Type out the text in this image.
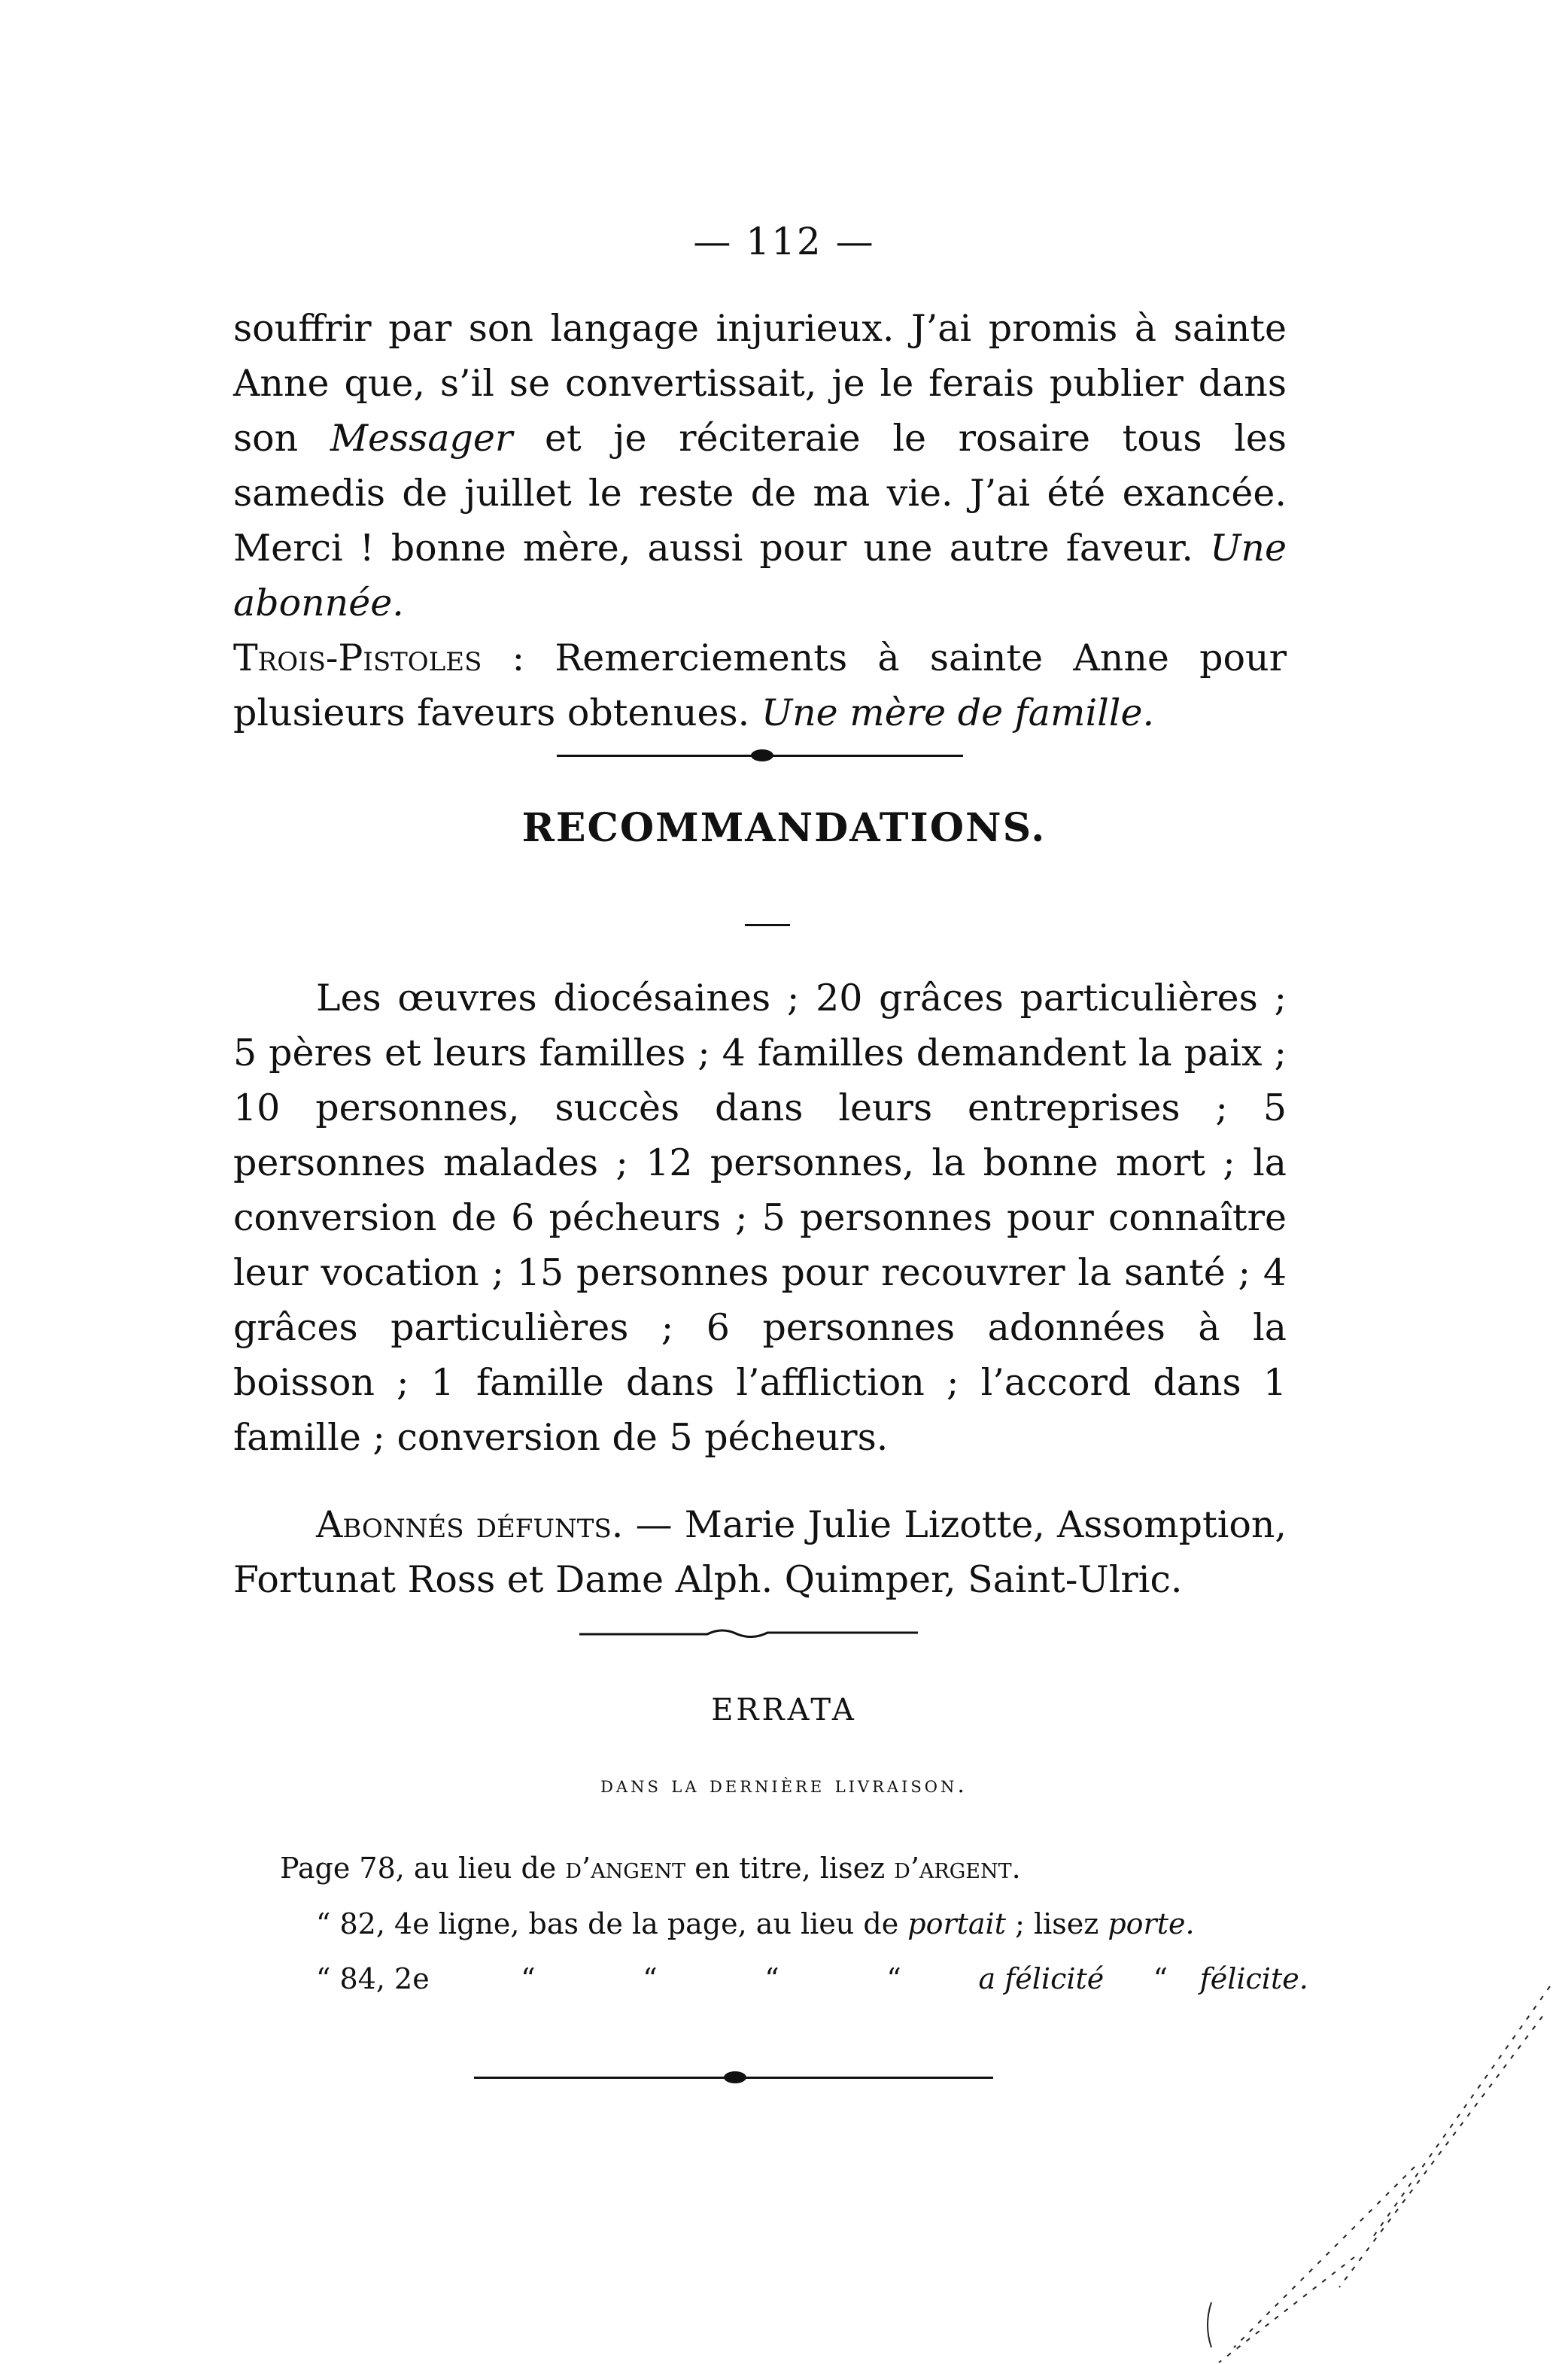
— 112 —
souffrir par son langage injurieux. J’ai promis à sainte Anne que, s’il se convertissait, je le ferais publier dans son Messager et je réciteraie le rosaire tous les samedis de juillet le reste de ma vie. J’ai été exancée. Merci ! bonne mère, aussi pour une autre faveur. Une abonnée.
Trois-Pistoles : Remerciements à sainte Anne pour plusieurs faveurs obtenues. Une mère de famille.
RECOMMANDATIONS.
Les œuvres diocésaines ; 20 grâces particulières ; 5 pères et leurs familles ; 4 familles demandent la paix ; 10 personnes, succès dans leurs entreprises ; 5 personnes malades ; 12 personnes, la bonne mort ; la conversion de 6 pécheurs ; 5 personnes pour connaître leur vocation ; 15 personnes pour recouvrer la santé ; 4 grâces particulières ; 6 personnes adonnées à la boisson ; 1 famille dans l’affliction ; l’accord dans 1 famille ; conversion de 5 pécheurs.
Abonnés défunts. — Marie Julie Lizotte, Assomption, Fortunat Ross et Dame Alph. Quimper, Saint-Ulric.
ERRATA
dans la dernière livraison.
Page 78, au lieu de d’angent en titre, lisez d’argent.
“ 82, 4e ligne, bas de la page, au lieu de portait ; lisez porte.
“ 84, 2e	“	“	“	“	a félicité “ félicite.
